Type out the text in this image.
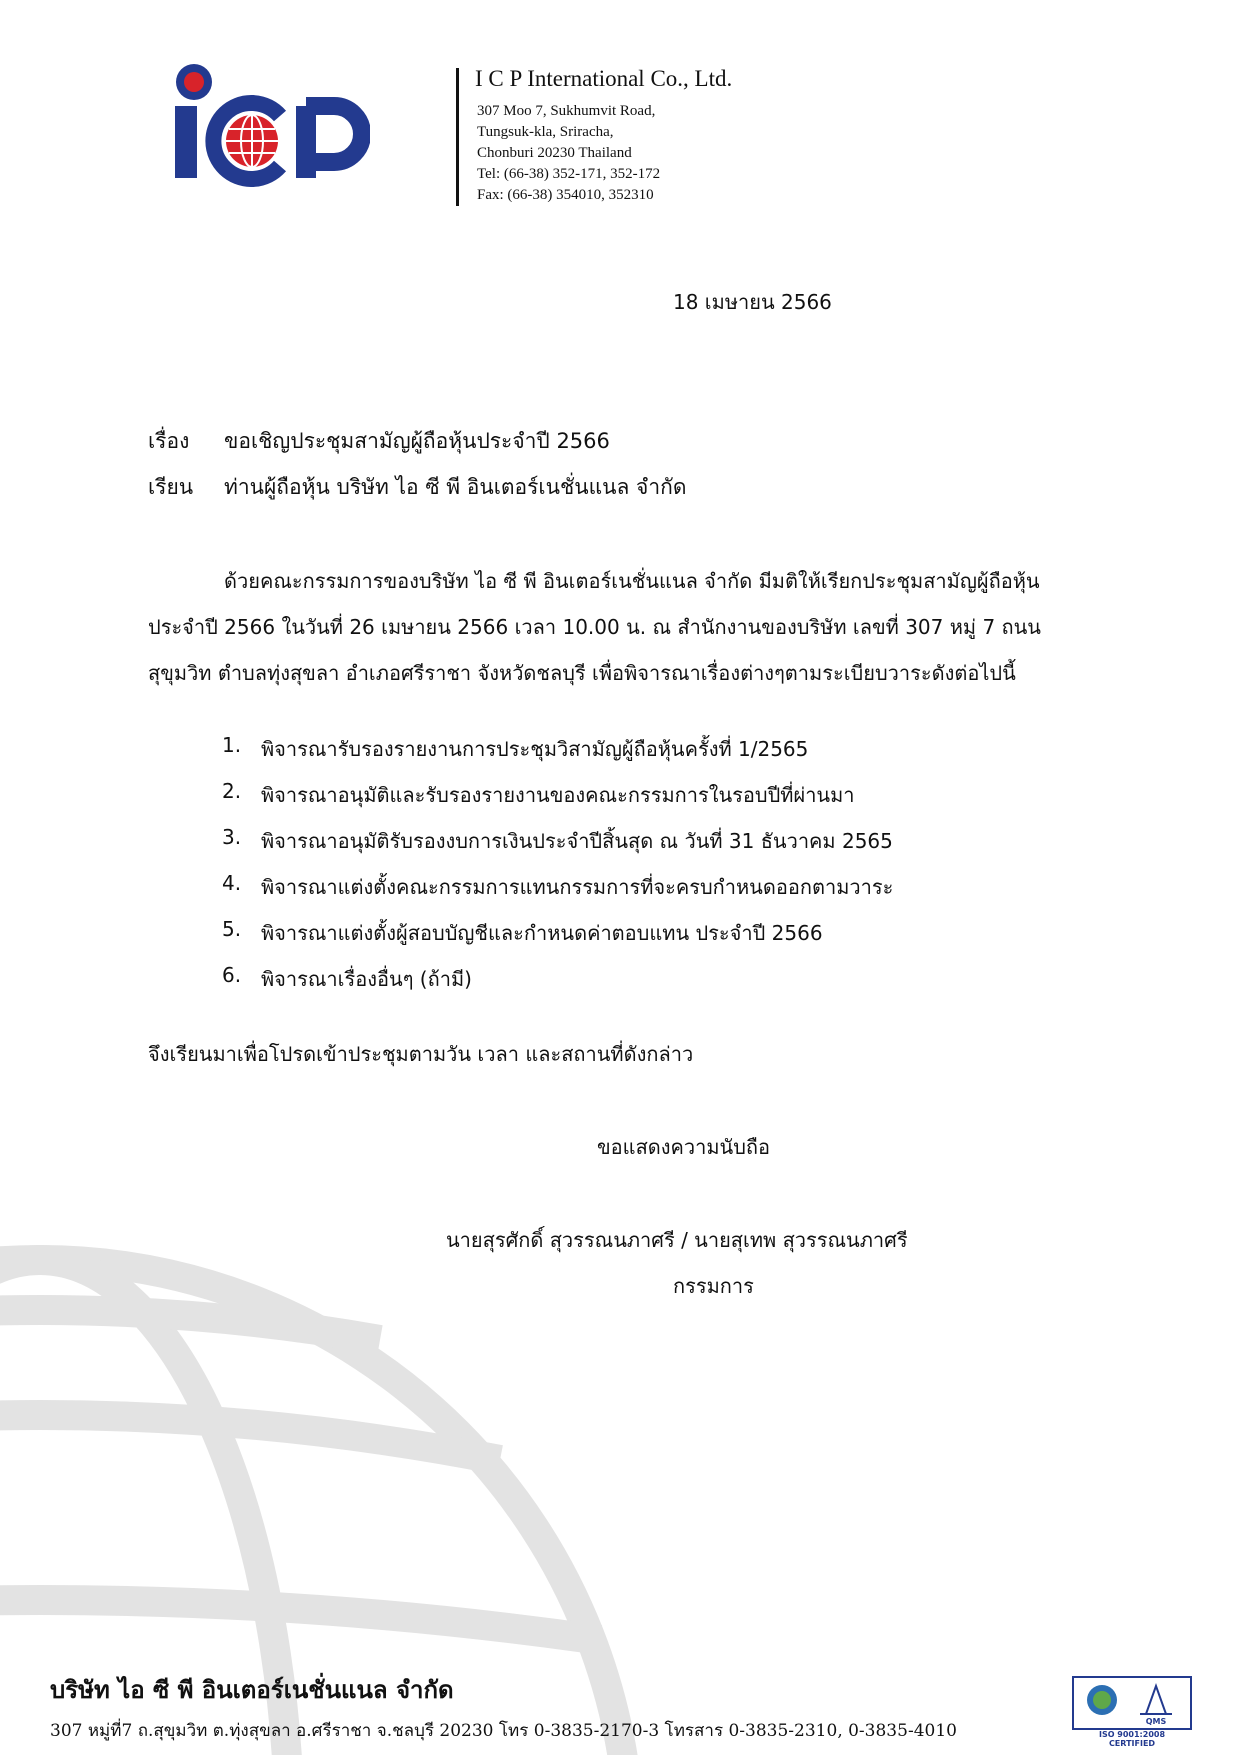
I C P International Co., Ltd.
307 Moo 7, Sukhumvit Road,
Tungsuk-kla, Sriracha,
Chonburi 20230 Thailand
Tel: (66-38) 352-171, 352-172
Fax: (66-38) 354010, 352310
18 เมษายน 2566
เรื่อง ขอเชิญประชุมสามัญผู้ถือหุ้นประจำปี 2566
เรียน ท่านผู้ถือหุ้น บริษัท ไอ ซี พี อินเตอร์เนชั่นแนล จำกัด
ด้วยคณะกรรมการของบริษัท ไอ ซี พี อินเตอร์เนชั่นแนล จำกัด มีมติให้เรียกประชุมสามัญผู้ถือหุ้น
ประจำปี 2566 ในวันที่ 26 เมษายน 2566 เวลา 10.00 น. ณ สำนักงานของบริษัท เลขที่ 307 หมู่ 7 ถนน
สุขุมวิท ตำบลทุ่งสุขลา อำเภอศรีราชา จังหวัดชลบุรี เพื่อพิจารณาเรื่องต่างๆตามระเบียบวาระดังต่อไปนี้
1. พิจารณารับรองรายงานการประชุมวิสามัญผู้ถือหุ้นครั้งที่ 1/2565
2. พิจารณาอนุมัติและรับรองรายงานของคณะกรรมการในรอบปีที่ผ่านมา
3. พิจารณาอนุมัติรับรองงบการเงินประจำปีสิ้นสุด ณ วันที่ 31 ธันวาคม 2565
4. พิจารณาแต่งตั้งคณะกรรมการแทนกรรมการที่จะครบกำหนดออกตามวาระ
5. พิจารณาแต่งตั้งผู้สอบบัญชีและกำหนดค่าตอบแทน ประจำปี 2566
6. พิจารณาเรื่องอื่นๆ (ถ้ามี)
จึงเรียนมาเพื่อโปรดเข้าประชุมตามวัน เวลา และสถานที่ดังกล่าว
ขอแสดงความนับถือ
นายสุรศักดิ์ สุวรรณนภาศรี / นายสุเทพ สุวรรณนภาศรี
กรรมการ
บริษัท ไอ ซี พี อินเตอร์เนชั่นแนล จำกัด
307 หมู่ที่7 ถ.สุขุมวิท ต.ทุ่งสุขลา อ.ศรีราชา จ.ชลบุรี 20230 โทร 0-3835-2170-3 โทรสาร 0-3835-2310, 0-3835-4010	QMS
ISO 9001:2008
CERTIFIED
